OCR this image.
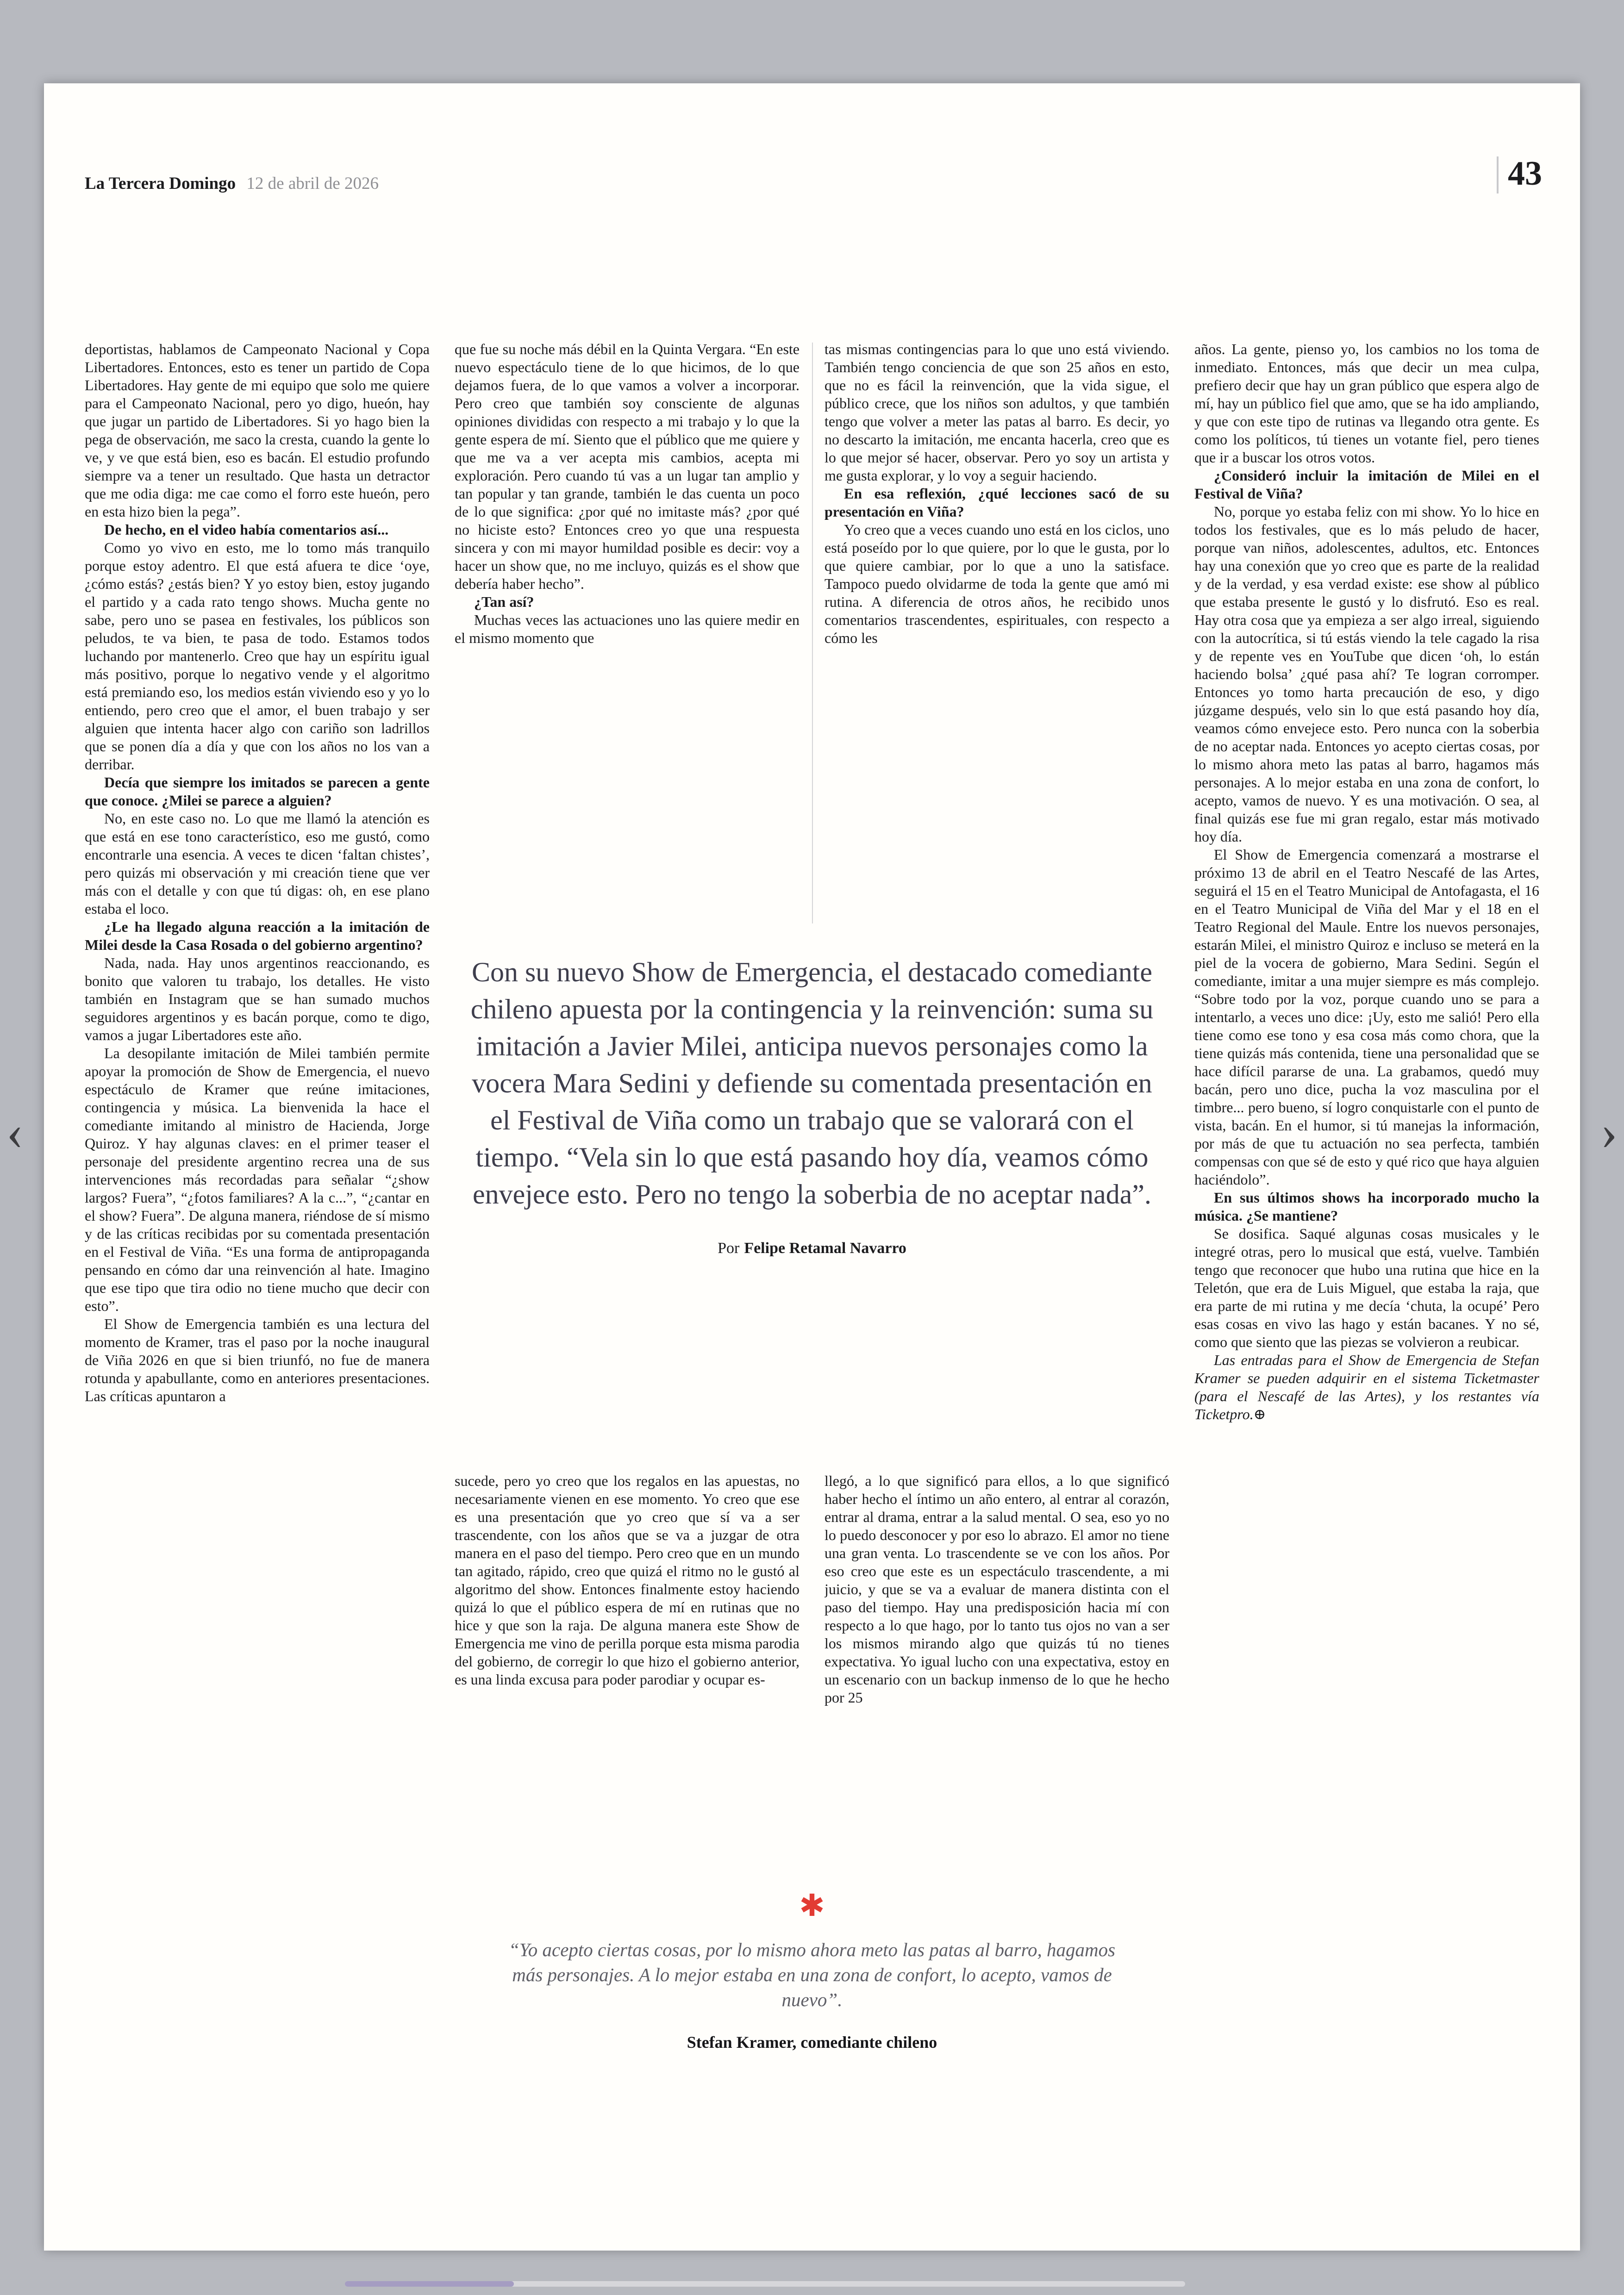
La Tercera Domingo 12 de abril de 2026	43

deportistas, hablamos de Campeonato Nacional y Copa Libertadores. Entonces, esto es tener un partido de Copa Libertadores. Hay gente de mi equipo que solo me quiere para el Campeonato Nacional, pero yo digo, hueón, hay que jugar un partido de Libertadores. Si yo hago bien la pega de observación, me saco la cresta, cuando la gente lo ve, y ve que está bien, eso es bacán. El estudio profundo siempre va a tener un resultado. Que hasta un detractor que me odia diga: me cae como el forro este hueón, pero en esta hizo bien la pega”.

De hecho, en el video había comentarios así...

Como yo vivo en esto, me lo tomo más tranquilo porque estoy adentro. El que está afuera te dice ‘oye, ¿cómo estás? ¿estás bien? Y yo estoy bien, estoy jugando el partido y a cada rato tengo shows. Mucha gente no sabe, pero uno se pasea en festivales, los públicos son peludos, te va bien, te pasa de todo. Estamos todos luchando por mantenerlo. Creo que hay un espíritu igual más positivo, porque lo negativo vende y el algoritmo está premiando eso, los medios están viviendo eso y yo lo entiendo, pero creo que el amor, el buen trabajo y ser alguien que intenta hacer algo con cariño son ladrillos que se ponen día a día y que con los años no los van a derribar.

Decía que siempre los imitados se parecen a gente que conoce. ¿Milei se parece a alguien?

No, en este caso no. Lo que me llamó la atención es que está en ese tono característico, eso me gustó, como encontrarle una esencia. A veces te dicen ‘faltan chistes’, pero quizás mi observación y mi creación tiene que ver más con el detalle y con que tú digas: oh, en ese plano estaba el loco.

¿Le ha llegado alguna reacción a la imitación de Milei desde la Casa Rosada o del gobierno argentino?

Nada, nada. Hay unos argentinos reaccionando, es bonito que valoren tu trabajo, los detalles. He visto también en Instagram que se han sumado muchos seguidores argentinos y es bacán porque, como te digo, vamos a jugar Libertadores este año.

La desopilante imitación de Milei también permite apoyar la promoción de Show de Emergencia, el nuevo espectáculo de Kramer que reúne imitaciones, contingencia y música. La bienvenida la hace el comediante imitando al ministro de Hacienda, Jorge Quiroz. Y hay algunas claves: en el primer teaser el personaje del presidente argentino recrea una de sus intervenciones más recordadas para señalar “¿show largos? Fuera”, “¿fotos familiares? A la c...”, “¿cantar en el show? Fuera”. De alguna manera, riéndose de sí mismo y de las críticas recibidas por su comentada presentación en el Festival de Viña. “Es una forma de antipropaganda pensando en cómo dar una reinvención al hate. Imagino que ese tipo que tira odio no tiene mucho que decir con esto”.

El Show de Emergencia también es una lectura del momento de Kramer, tras el paso por la noche inaugural de Viña 2026 en que si bien triunfó, no fue de manera rotunda y apabullante, como en anteriores presentaciones. Las críticas apuntaron a

que fue su noche más débil en la Quinta Vergara. “En este nuevo espectáculo tiene de lo que hicimos, de lo que dejamos fuera, de lo que vamos a volver a incorporar. Pero creo que también soy consciente de algunas opiniones divididas con respecto a mi trabajo y lo que la gente espera de mí. Siento que el público que me quiere y que me va a ver acepta mis cambios, acepta mi exploración. Pero cuando tú vas a un lugar tan amplio y tan popular y tan grande, también le das cuenta un poco de lo que significa: ¿por qué no imitaste más? ¿por qué no hiciste esto? Entonces creo yo que una respuesta sincera y con mi mayor humildad posible es decir: voy a hacer un show que, no me incluyo, quizás es el show que debería haber hecho”.

¿Tan así?

Muchas veces las actuaciones uno las quiere medir en el mismo momento que

tas mismas contingencias para lo que uno está viviendo. También tengo conciencia de que son 25 años en esto, que no es fácil la reinvención, que la vida sigue, el público crece, que los niños son adultos, y que también tengo que volver a meter las patas al barro. Es decir, yo no descarto la imitación, me encanta hacerla, creo que es lo que mejor sé hacer, observar. Pero yo soy un artista y me gusta explorar, y lo voy a seguir haciendo.

En esa reflexión, ¿qué lecciones sacó de su presentación en Viña?

Yo creo que a veces cuando uno está en los ciclos, uno está poseído por lo que quiere, por lo que le gusta, por lo que quiere cambiar, por lo que a uno la satisface. Tampoco puedo olvidarme de toda la gente que amó mi rutina. A diferencia de otros años, he recibido unos comentarios trascendentes, espirituales, con respecto a cómo les

sucede, pero yo creo que los regalos en las apuestas, no necesariamente vienen en ese momento. Yo creo que ese es una presentación que yo creo que sí va a ser trascendente, con los años que se va a juzgar de otra manera en el paso del tiempo. Pero creo que en un mundo tan agitado, rápido, creo que quizá el ritmo no le gustó al algoritmo del show. Entonces finalmente estoy haciendo quizá lo que el público espera de mí en rutinas que no hice y que son la raja. De alguna manera este Show de Emergencia me vino de perilla porque esta misma parodia del gobierno, de corregir lo que hizo el gobierno anterior, es una linda excusa para poder parodiar y ocupar es-

llegó, a lo que significó para ellos, a lo que significó haber hecho el íntimo un año entero, al entrar al corazón, entrar al drama, entrar a la salud mental. O sea, eso yo no lo puedo desconocer y por eso lo abrazo. El amor no tiene una gran venta. Lo trascendente se ve con los años. Por eso creo que este es un espectáculo trascendente, a mi juicio, y que se va a evaluar de manera distinta con el paso del tiempo. Hay una predisposición hacia mí con respecto a lo que hago, por lo tanto tus ojos no van a ser los mismos mirando algo que quizás tú no tienes expectativa. Yo igual lucho con una expectativa, estoy en un escenario con un backup inmenso de lo que he hecho por 25

años. La gente, pienso yo, los cambios no los toma de inmediato. Entonces, más que decir un mea culpa, prefiero decir que hay un gran público que espera algo de mí, hay un público fiel que amo, que se ha ido ampliando, y que con este tipo de rutinas va llegando otra gente. Es como los políticos, tú tienes un votante fiel, pero tienes que ir a buscar los otros votos.

¿Consideró incluir la imitación de Milei en el Festival de Viña?

No, porque yo estaba feliz con mi show. Yo lo hice en todos los festivales, que es lo más peludo de hacer, porque van niños, adolescentes, adultos, etc. Entonces hay una conexión que yo creo que es parte de la realidad y de la verdad, y esa verdad existe: ese show al público que estaba presente le gustó y lo disfrutó. Eso es real. Hay otra cosa que ya empieza a ser algo irreal, siguiendo con la autocrítica, si tú estás viendo la tele cagado la risa y de repente ves en YouTube que dicen ‘oh, lo están haciendo bolsa’ ¿qué pasa ahí? Te logran corromper. Entonces yo tomo harta precaución de eso, y digo júzgame después, velo sin lo que está pasando hoy día, veamos cómo envejece esto. Pero nunca con la soberbia de no aceptar nada. Entonces yo acepto ciertas cosas, por lo mismo ahora meto las patas al barro, hagamos más personajes. A lo mejor estaba en una zona de confort, lo acepto, vamos de nuevo. Y es una motivación. O sea, al final quizás ese fue mi gran regalo, estar más motivado hoy día.

El Show de Emergencia comenzará a mostrarse el próximo 13 de abril en el Teatro Nescafé de las Artes, seguirá el 15 en el Teatro Municipal de Antofagasta, el 16 en el Teatro Municipal de Viña del Mar y el 18 en el Teatro Regional del Maule. Entre los nuevos personajes, estarán Milei, el ministro Quiroz e incluso se meterá en la piel de la vocera de gobierno, Mara Sedini. Según el comediante, imitar a una mujer siempre es más complejo. “Sobre todo por la voz, porque cuando uno se para a intentarlo, a veces uno dice: ¡Uy, esto me salió! Pero ella tiene como ese tono y esa cosa más como chora, que la tiene quizás más contenida, tiene una personalidad que se hace difícil pararse de una. La grabamos, quedó muy bacán, pero uno dice, pucha la voz masculina por el timbre... pero bueno, sí logro conquistarle con el punto de vista, bacán. En el humor, si tú manejas la información, por más de que tu actuación no sea perfecta, también compensas con que sé de esto y qué rico que haya alguien haciéndolo”.

En sus últimos shows ha incorporado mucho la música. ¿Se mantiene?

Se dosifica. Saqué algunas cosas musicales y le integré otras, pero lo musical que está, vuelve. También tengo que reconocer que hubo una rutina que hice en la Teletón, que era de Luis Miguel, que estaba la raja, que era parte de mi rutina y me decía ‘chuta, la ocupé’ Pero esas cosas en vivo las hago y están bacanes. Y no sé, como que siento que las piezas se volvieron a reubicar.

Las entradas para el Show de Emergencia de Stefan Kramer se pueden adquirir en el sistema Ticketmaster (para el Nescafé de las Artes), y los restantes vía Ticketpro.⊕

Con su nuevo Show de Emergencia, el destacado comediante chileno apuesta por la contingencia y la reinvención: suma su imitación a Javier Milei, anticipa nuevos personajes como la vocera Mara Sedini y defiende su comentada presentación en el Festival de Viña como un trabajo que se valorará con el tiempo. “Vela sin lo que está pasando hoy día, veamos cómo envejece esto. Pero no tengo la soberbia de no aceptar nada”.

Por Felipe Retamal Navarro
✱

“Yo acepto ciertas cosas, por lo mismo ahora meto las patas al barro, hagamos más personajes. A lo mejor estaba en una zona de confort, lo acepto, vamos de nuevo”.

Stefan Kramer, comediante chileno
‹	›
